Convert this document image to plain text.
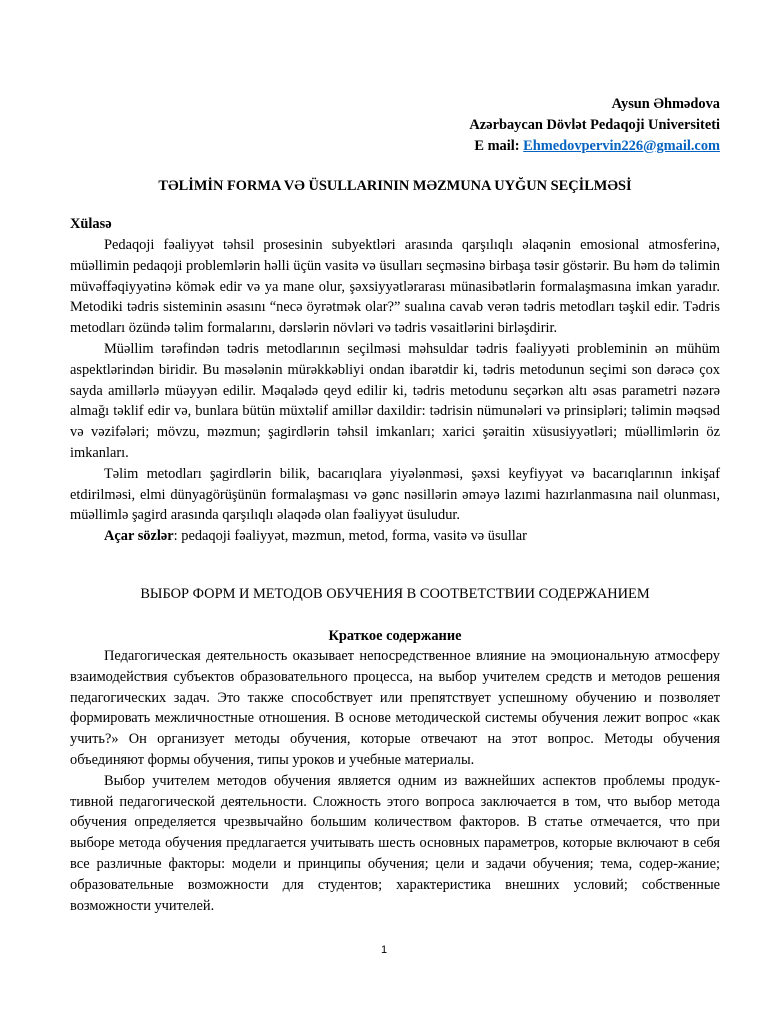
Aysun Əhmədova
Azərbaycan Dövlət Pedaqoji Universiteti
E mail: Ehmedovpervin226@gmail.com
TƏLİMİN FORMA VƏ ÜSULLARININ MƏZMUNA UYĞUN SEÇİLMƏSİ
Xülasə

Pedaqoji fəaliyyət təhsil prosesinin subyektləri arasında qarşılıqlı əlaqənin emosional atmosferinə, müəllimin pedaqoji problemlərin həlli üçün vasitə və üsulları seçməsinə birbaşa təsir göstərir. Bu həm də təlimin müvəffəqiyyətinə kömək edir və ya mane olur, şəxsiyyətlərarası münasibətlərin formalaşmasına imkan yaradır. Metodiki tədris sisteminin əsasını “necə öyrətmək olar?” sualına cavab verən tədris metodları təşkil edir. Tədris metodları özündə təlim formalarını, dərslərin növləri və tədris vəsaitlərini birləşdirir.

Müəllim tərəfindən tədris metodlarının seçilməsi məhsuldar tədris fəaliyyəti probleminin ən mühüm aspektlərindən biridir. Bu məsələnin mürəkkəbliyi ondan ibarətdir ki, tədris metodunun seçimi son dərəcə çox sayda amillərlə müəyyən edilir. Məqalədə qeyd edilir ki, tədris metodunu seçərkən altı əsas parametri nəzərə almağı təklif edir və, bunlara bütün müxtəlif amillər daxildir: tədrisin nümunələri və prinsipləri; təlimin məqsəd və vəzifələri; mövzu, məzmun; şagirdlərin təhsil imkanları; xarici şəraitin xüsusiyyətləri; müəllimlərin öz imkanları.

Təlim metodları şagirdlərin bilik, bacarıqlara yiyələnməsi, şəxsi keyfiyyət və bacarıqlarının inkişaf etdirilməsi, elmi dünyagörüşünün formalaşması və gənc nəsillərin əməyə lazımi hazırlanmasına nail olunması, müəllimlə şagird arasında qarşılıqlı əlaqədə olan fəaliyyət üsuludur.

Açar sözlər: pedaqoji fəaliyyət, məzmun, metod, forma, vasitə və üsullar

ВЫБОР ФОРМ И МЕТОДОВ ОБУЧЕНИЯ В СООТВЕТСТВИИ СОДЕРЖАНИЕМ
Краткое содержание

Педагогическая деятельность оказывает непосредственное влияние на эмоциональную атмосферу взаимодействия субъектов образовательного процесса, на выбор учителем средств и методов решения педагогических задач. Это также способствует или препятствует успешному обучению и позволяет формировать межличностные отношения. В основе методической системы обучения лежит вопрос «как учить?» Он организует методы обучения, которые отвечают на этот вопрос. Методы обучения объединяют формы обучения, типы уроков и учебные материалы.

Выбор учителем методов обучения является одним из важнейших аспектов проблемы продук-тивной педагогической деятельности. Сложность этого вопроса заключается в том, что выбор метода обучения определяется чрезвычайно большим количеством факторов. В статье отмечается, что при выборе метода обучения предлагается учитывать шесть основных параметров, которые включают в себя все различные факторы: модели и принципы обучения; цели и задачи обучения; тема, содер-жание; образовательные возможности для студентов; характеристика внешних условий; собственные возможности учителей.

1
